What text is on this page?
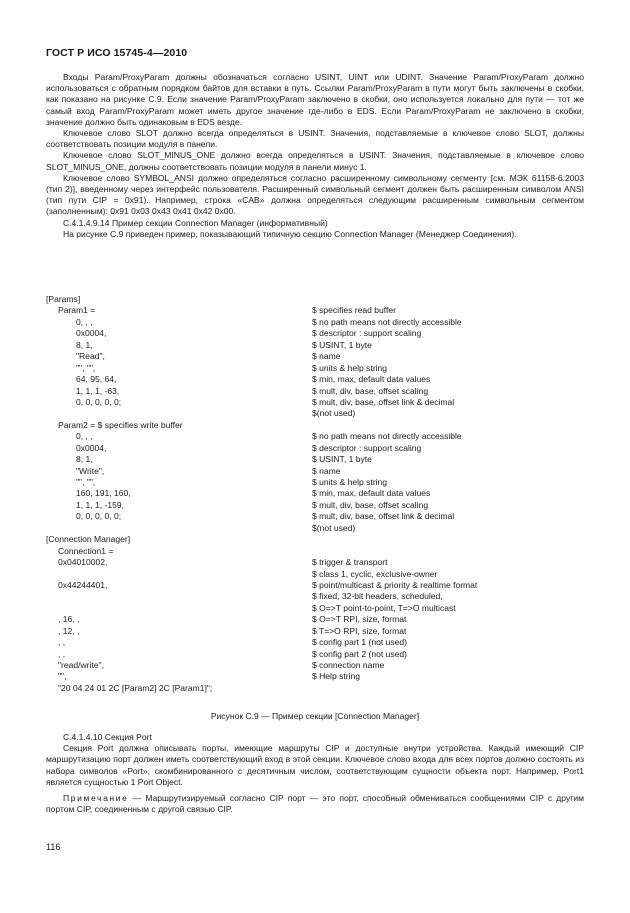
ГОСТ Р ИСО 15745-4—2010

Входы Param/ProxyParam должны обозначаться согласно USINT, UINT или UDINT. Значение Param/ProxyParam должно использоваться с обратным порядком байтов для вставки в путь. Ссылки Param/ProxyParam в пути могут быть заключены в скобки, как показано на рисунке С.9. Если значение Param/ProxyParam заключено в скобки, оно используется локально для пути — тот же самый вход Param/ProxyParam может иметь другое значение где-либо в EDS. Если Param/ProxyParam не заключено в скобки, значение должно быть одинаковым в EDS везде.

Ключевое слово SLOT должно всегда определяться в USINT. Значения, подставляемые в ключевое слово SLOT, должны соответствовать позиции модуля в панели.

Ключевое слово SLOT_MINUS_ONE должно всегда определяться в USINT. Значения, подставляемые в ключевое слово SLOT_MINUS_ONE, должны соответствовать позиции модуля в панели минус 1.

Ключевое слово SYMBOL_ANSI должно определяться согласно расширенному символьному сегменту [см. МЭК 61158-6:2003 (тип 2)], введенному через интерфейс пользователя. Расширенный символьный сегмент должен быть расширенным символом ANSI (тип пути CIP = 0x91). Например, строка «CAB» должна определяться следующим расширенным символьным сегментом (заполненным): 0x91 0x03 0x43 0x41 0x42 0x00.

С.4.1.4.9.14 Пример секции Connection Manager (информативный)

На рисунке С.9 приведен пример, показывающий типичную секцию Connection Manager (Менеджер Соединения).

[Params]
Param1 =	$ specifies read buffer
0, , ,	$ no path means not directly accessible
0x0004,	$ descriptor : support scaling
8, 1,	$ USINT, 1 byte
"Read",	$ name
"", "",	$ units & help string
64, 95, 64,	$ min, max, default data values
1, 1, 1, -63,	$ mult, div, base, offset scaling
0, 0, 0, 0, 0;	$ mult, div, base, offset link & decimal
$(not used)
Param2 = $ specifies write buffer
0, , ,	$ no path means not directly accessible
0x0004,	$ descriptor : support scaling
8, 1,	$ USINT, 1 byte
"Write",	$ name
"", "",	$ units & help string
160, 191, 160,	$ min, max, default data values
1, 1, 1, -159,	$ mult, div, base, offset scaling
0, 0, 0, 0, 0;	$ mult, div, base, offset link & decimal
$(not used)
[Connection Manager]
Connection1 =
0x04010002,	$ trigger & transport
$ class 1, cyclic, exclusive-owner
0x44244401,	$ point/multicast & priority & realtime format
$ fixed, 32-bit headers, scheduled,
$ O=>T point-to-point, T=>O multicast
, 16, ,	$ O=>T RPI, size, format
, 12, ,	$ T=>O RPI, size, format
, ,	$ config part 1 (not used)
, ,	$ config part 2 (not used)
"read/write",	$ connection name
"",	$ Help string
"20 04 24 01 2C [Param2] 2C [Param1]";
Рисунок С.9 — Пример секции [Connection Manager]

С.4.1.4.10 Секция Port

Секция Port должна описывать порты, имеющие маршруты CIP и доступные внутри устройства. Каждый имеющий CIP маршрутизацию порт должен иметь соответствующий вход в этой секции. Ключевое слово входа для всех портов должно состоять из набора символов «Port», скомбинированного с десятичным числом, соответствующим сущности объекта порт. Например, Port1 является сущностью 1 Port Object.

Примечание — Маршрутизируемый согласно CIP порт — это порт, способный обмениваться сообщениями CIP с другим портом CIP, соединенным с другой связью CIP.

116
